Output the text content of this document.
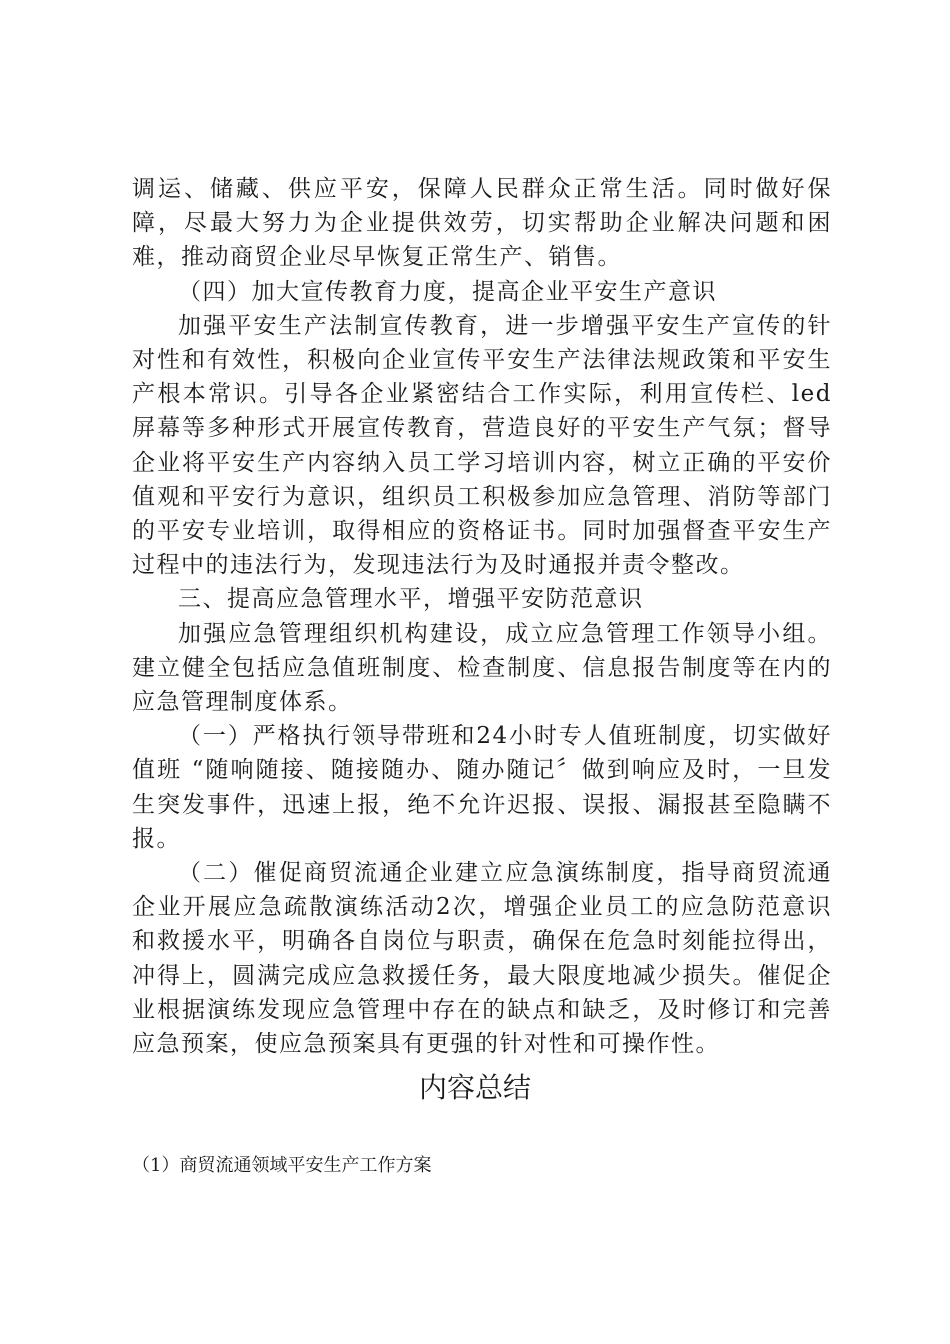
调运、储藏、供应平安，保障人民群众正常生活。同时做好保障，尽最大努力为企业提供效劳，切实帮助企业解决问题和困难，推动商贸企业尽早恢复正常生产、销售。

（四）加大宣传教育力度，提高企业平安生产意识

加强平安生产法制宣传教育，进一步增强平安生产宣传的针对性和有效性，积极向企业宣传平安生产法律法规政策和平安生产根本常识。引导各企业紧密结合工作实际，利用宣传栏、led屏幕等多种形式开展宣传教育，营造良好的平安生产气氛；督导企业将平安生产内容纳入员工学习培训内容，树立正确的平安价值观和平安行为意识，组织员工积极参加应急管理、消防等部门的平安专业培训，取得相应的资格证书。同时加强督查平安生产过程中的违法行为，发现违法行为及时通报并责令整改。

三、提高应急管理水平，增强平安防范意识

加强应急管理组织机构建设，成立应急管理工作领导小组。建立健全包括应急值班制度、检查制度、信息报告制度等在内的应急管理制度体系。

（一）严格执行领导带班和24小时专人值班制度，切实做好值班 “随响随接、随接随办、随办随记〞做到响应及时，一旦发生突发事件，迅速上报，绝不允许迟报、误报、漏报甚至隐瞒不报。

（二）催促商贸流通企业建立应急演练制度，指导商贸流通企业开展应急疏散演练活动2次，增强企业员工的应急防范意识和救援水平，明确各自岗位与职责，确保在危急时刻能拉得出，冲得上，圆满完成应急救援任务，最大限度地减少损失。催促企业根据演练发现应急管理中存在的缺点和缺乏，及时修订和完善应急预案，使应急预案具有更强的针对性和可操作性。

内容总结

（1）商贸流通领域平安生产工作方案
